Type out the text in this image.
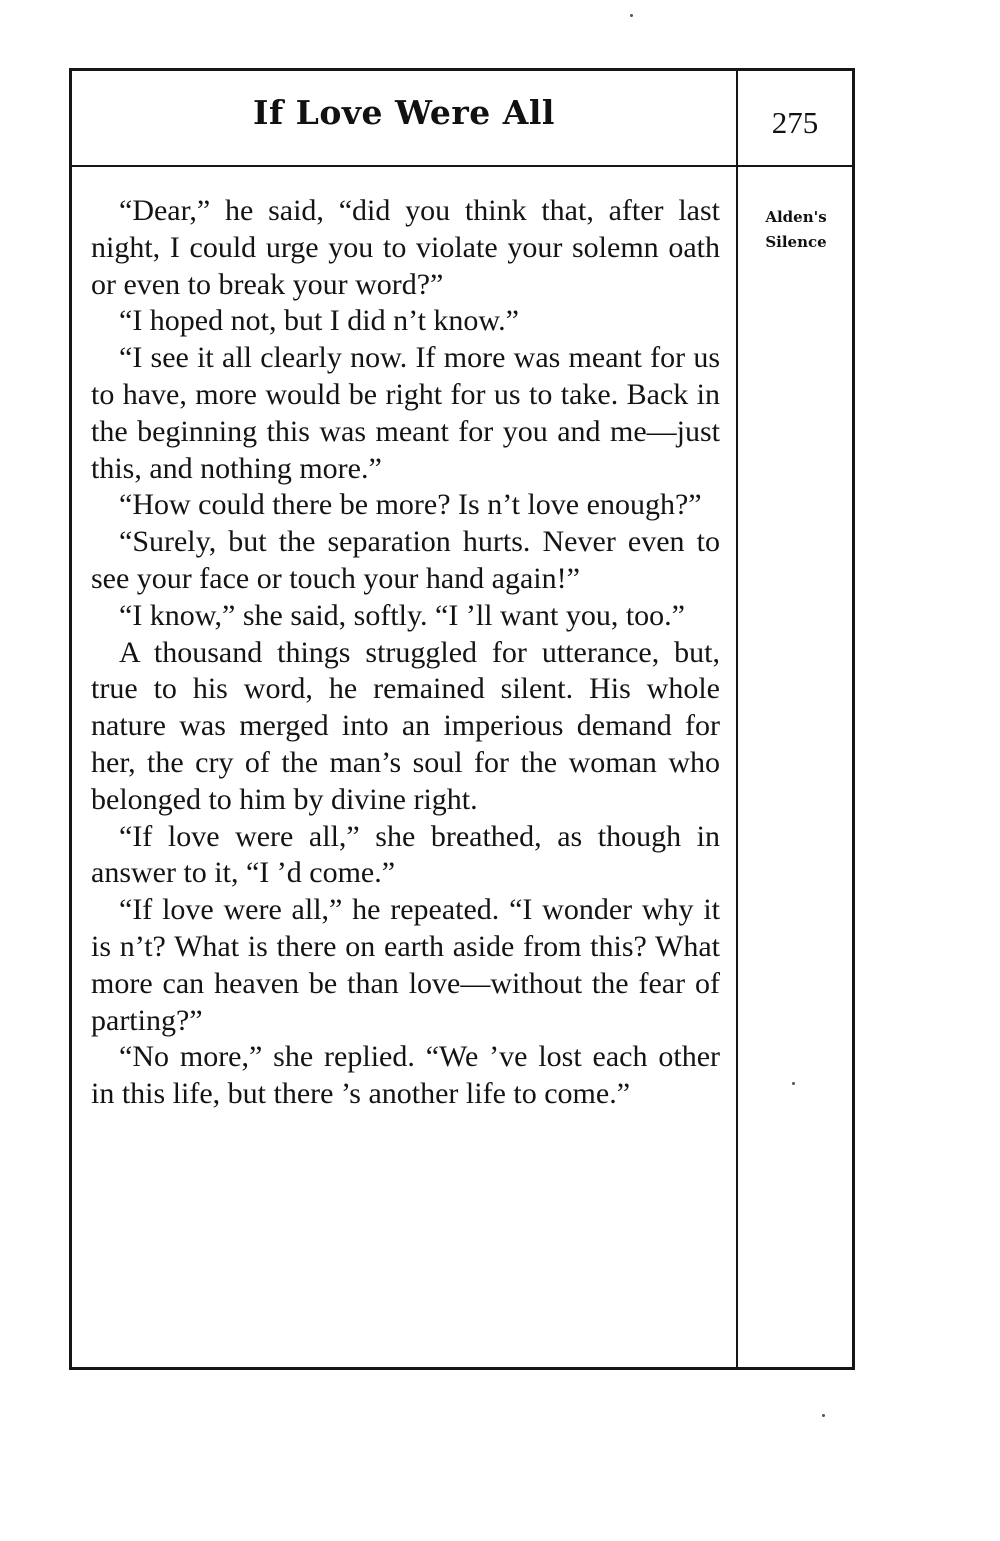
If Love Were All	275
Alden's
Silence

“Dear,” he said, “did you think that, after last night, I could urge you to violate your solemn oath or even to break your word?”

“I hoped not, but I did n’t know.”

“I see it all clearly now. If more was meant for us to have, more would be right for us to take. Back in the beginning this was meant for you and me—just this, and nothing more.”

“How could there be more? Is n’t love enough?”

“Surely, but the separation hurts. Never even to see your face or touch your hand again!”

“I know,” she said, softly. “I ’ll want you, too.”

A thousand things struggled for utterance, but, true to his word, he remained silent. His whole nature was merged into an imperious demand for her, the cry of the man’s soul for the woman who belonged to him by divine right.

“If love were all,” she breathed, as though in answer to it, “I ’d come.”

“If love were all,” he repeated. “I wonder why it is n’t? What is there on earth aside from this? What more can heaven be than love—without the fear of parting?”

“No more,” she replied. “We ’ve lost each other in this life, but there ’s another life to come.”
